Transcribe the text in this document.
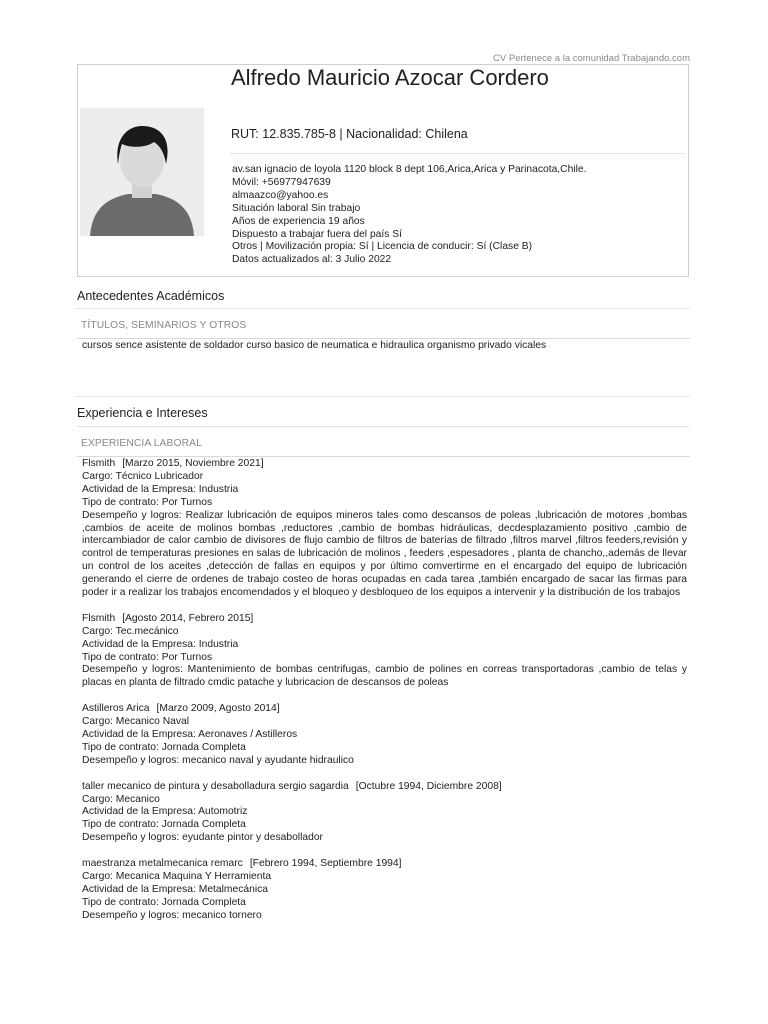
CV Pertenece a la comunidad Trabajando.com
Alfredo Mauricio Azocar Cordero
RUT: 12.835.785-8 | Nacionalidad: Chilena
av.san ignacio de loyola 1120 block 8 dept 106,Arica,Arica y Parinacota,Chile.
Móvil: +56977947639
almaazco@yahoo.es
Situación laboral Sin trabajo
Años de experiencia 19 años
Dispuesto a trabajar fuera del país Sí
Otros | Movilización propia: Sí | Licencia de conducir: Sí (Clase B)
Datos actualizados al: 3 Julio 2022
Antecedentes Académicos
TÍTULOS, SEMINARIOS Y OTROS
cursos sence asistente de soldador curso basico de neumatica e hidraulica organismo privado vicales
Experiencia e Intereses
EXPERIENCIA LABORAL
Flsmith [Marzo 2015, Noviembre 2021]
Cargo: Técnico Lubricador
Actividad de la Empresa: Industria
Tipo de contrato: Por Turnos
Desempeño y logros: Realizar lubricación de equipos mineros tales como descansos de poleas ,lubricación de motores ,bombas ,cambios de aceite de molinos bombas ,reductores ,cambio de bombas hidráulicas, decdesplazamiento positivo ,cambio de intercambiador de calor cambio de divisores de flujo cambio de filtros de baterías de filtrado ,filtros marvel ,filtros feeders,revisión y control de temperaturas presiones en salas de lubricación de molinos , feeders ,espesadores , planta de chancho,,además de llevar un control de los aceites ,detección de fallas en equipos y por último comvertirme en el encargado del equipo de lubricación generando el cierre de ordenes de trabajo costeo de horas ocupadas en cada tarea ,también encargado de sacar las firmas para poder ir a realizar los trabajos encomendados y el bloqueo y desbloqueo de los equipos a intervenir y la distribución de los trabajos
Flsmith [Agosto 2014, Febrero 2015]
Cargo: Tec.mecánico
Actividad de la Empresa: Industria
Tipo de contrato: Por Turnos
Desempeño y logros: Mantenimiento de bombas centrifugas, cambio de polines en correas transportadoras ,cambio de telas y placas en planta de filtrado cmdic patache y lubricacion de descansos de poleas
Astilleros Arica [Marzo 2009, Agosto 2014]
Cargo: Mecanico Naval
Actividad de la Empresa: Aeronaves / Astilleros
Tipo de contrato: Jornada Completa
Desempeño y logros: mecanico naval y ayudante hidraulico
taller mecanico de pintura y desabolladura sergio sagardia [Octubre 1994, Diciembre 2008]
Cargo: Mecanico
Actividad de la Empresa: Automotriz
Tipo de contrato: Jornada Completa
Desempeño y logros: eyudante pintor y desabollador
maestranza metalmecanica remarc [Febrero 1994, Septiembre 1994]
Cargo: Mecanica Maquina Y Herramienta
Actividad de la Empresa: Metalmecánica
Tipo de contrato: Jornada Completa
Desempeño y logros: mecanico tornero
